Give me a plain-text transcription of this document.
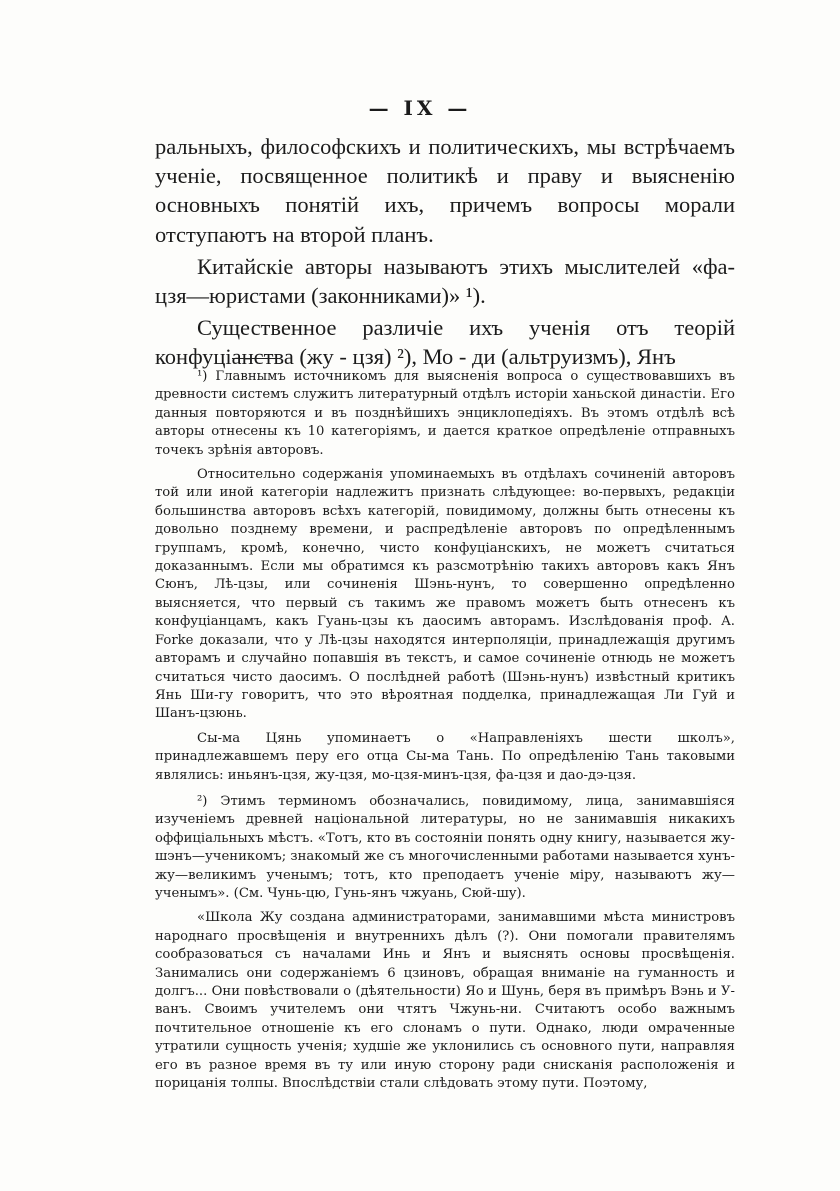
— IX —

ральныхъ, философскихъ и политическихъ, мы встрѣчаемъ ученіе, посвященное политикѣ и праву и выясненію основныхъ понятій ихъ, причемъ вопросы морали отступаютъ на второй планъ.

Китайскіе авторы называютъ этихъ мыслителей «фа-цзя—юристами (законниками)» ¹).

Существенное различіе ихъ ученія отъ теорій конфуціанства (жу - цзя) ²), Мо - ди (альтруизмъ), Янъ

¹) Главнымъ источникомъ для выясненія вопроса о существовавшихъ въ древности системъ служитъ литературный отдѣлъ исторіи ханьской династіи. Его данныя повторяются и въ позднѣйшихъ энциклопедіяхъ. Въ этомъ отдѣлѣ всѣ авторы отнесены къ 10 категоріямъ, и дается краткое опредѣленіе отправныхъ точекъ зрѣнія авторовъ.

Относительно содержанія упоминаемыхъ въ отдѣлахъ сочиненій авторовъ той или иной категоріи надлежитъ признать слѣдующее: во-первыхъ, редакціи большинства авторовъ всѣхъ категорій, повидимому, должны быть отнесены къ довольно позднему времени, и распредѣленіе авторовъ по опредѣленнымъ группамъ, кромѣ, конечно, чисто конфуціанскихъ, не можетъ считаться доказаннымъ. Если мы обратимся къ разсмотрѣнію такихъ авторовъ какъ Янъ Сюнъ, Лѣ-цзы, или сочиненія Шэнь-нунъ, то совершенно опредѣленно выясняется, что первый съ такимъ же правомъ можетъ быть отнесенъ къ конфуціанцамъ, какъ Гуань-цзы къ даосимъ авторамъ. Изслѣдованія проф. A. Forke доказали, что у Лѣ-цзы находятся интерполяціи, принадлежащія другимъ авторамъ и случайно попавшія въ текстъ, и самое сочиненіе отнюдь не можетъ считаться чисто даосимъ. О послѣдней работѣ (Шэнь-нунъ) извѣстный критикъ Янь Ши-гу говоритъ, что это вѣроятная подделка, принадлежащая Ли Гуй и Шанъ-цзюнь.

Сы-ма Цянь упоминаетъ о «Направленіяхъ шести школъ», принадлежавшемъ перу его отца Сы-ма Тань. По опредѣленію Тань таковыми являлись: иньянъ-цзя, жу-цзя, мо-цзя-минъ-цзя, фа-цзя и дао-дэ-цзя.

²) Этимъ терминомъ обозначались, повидимому, лица, занимавшіяся изученіемъ древней національной литературы, но не занимавшія никакихъ оффиціальныхъ мѣстъ. «Тотъ, кто въ состояніи понять одну книгу, называется жу-шэнъ—ученикомъ; знакомый же съ многочисленными работами называется хунъ-жу—великимъ ученымъ; тотъ, кто преподаетъ ученіе міру, называютъ жу—ученымъ». (См. Чунь-цю, Гунь-янъ чжуань, Сюй-шу).

«Школа Жу создана администраторами, занимавшими мѣста министровъ народнаго просвѣщенія и внутреннихъ дѣлъ (?). Они помогали правителямъ сообразоваться съ началами Инь и Янъ и выяснять основы просвѣщенія. Занимались они содержаніемъ 6 цзиновъ, обращая вниманіе на гуманность и долгъ... Они повѣствовали о (дѣятельности) Яо и Шунь, беря въ примѣръ Вэнь и У-ванъ. Своимъ учителемъ они чтятъ Чжунь-ни. Считаютъ особо важнымъ почтительное отношеніе къ его слонамъ о пути. Однако, люди омраченные утратили сущность ученія; худшіе же уклонились съ основного пути, направляя его въ разное время въ ту или иную сторону ради снисканія расположенія и порицанія толпы. Впослѣдствіи стали слѣдовать этому пути. Поэтому,
